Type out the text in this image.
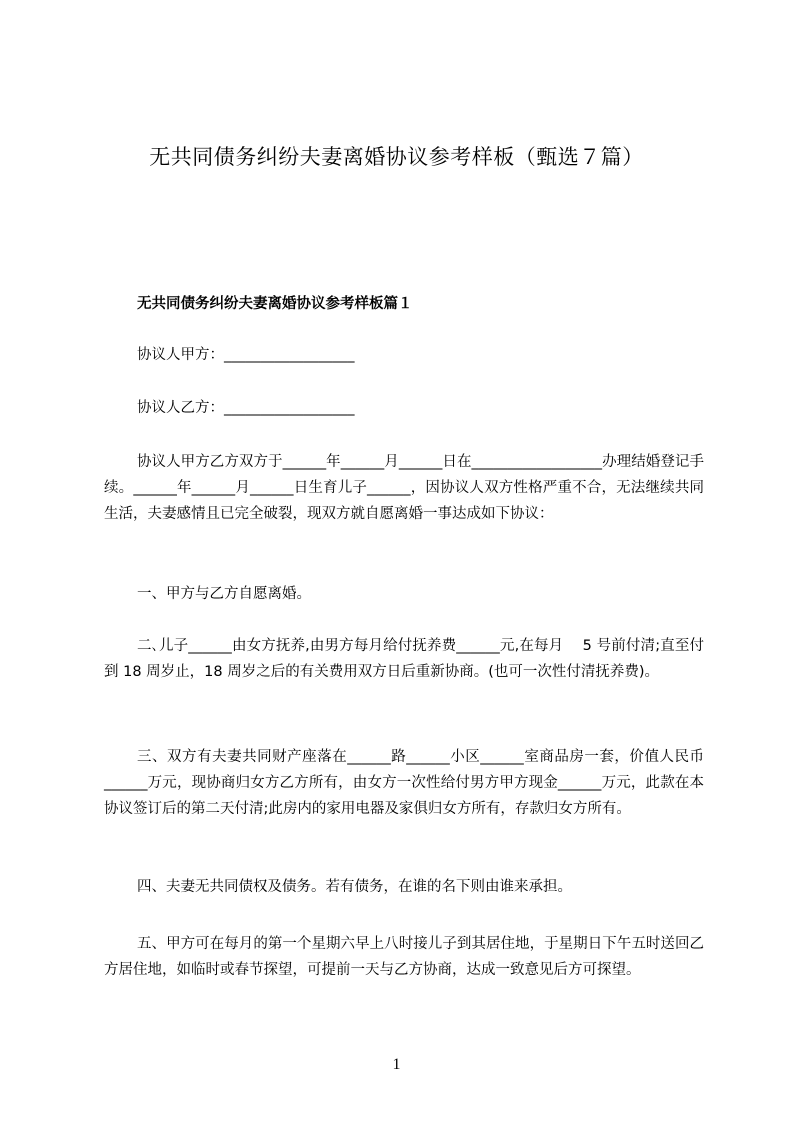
无共同债务纠纷夫妻离婚协议参考样板（甄选７篇）
无共同债务纠纷夫妻离婚协议参考样板篇１
协议人甲方：__________________
协议人乙方：__________________

协议人甲方乙方双方于______年______月______日在__________________办理结婚登记手续。______年______月______日生育儿子______，因协议人双方性格严重不合，无法继续共同生活，夫妻感情且已完全破裂，现双方就自愿离婚一事达成如下协议：

一、甲方与乙方自愿离婚。

二､儿子______由女方抚养,由男方每月给付抚养费______元,在每月　 5 号前付清;直至付到 18 周岁止，18 周岁之后的有关费用双方日后重新协商。(也可一次性付清抚养费)。

三、双方有夫妻共同财产座落在______路______小区______室商品房一套，价值人民币______万元，现协商归女方乙方所有，由女方一次性给付男方甲方现金______万元，此款在本协议签订后的第二天付清;此房内的家用电器及家俱归女方所有，存款归女方所有。

四、夫妻无共同债权及债务。若有债务，在谁的名下则由谁来承担。

五、甲方可在每月的第一个星期六早上八时接儿子到其居住地，于星期日下午五时送回乙方居住地，如临时或春节探望，可提前一天与乙方协商，达成一致意见后方可探望。

1
